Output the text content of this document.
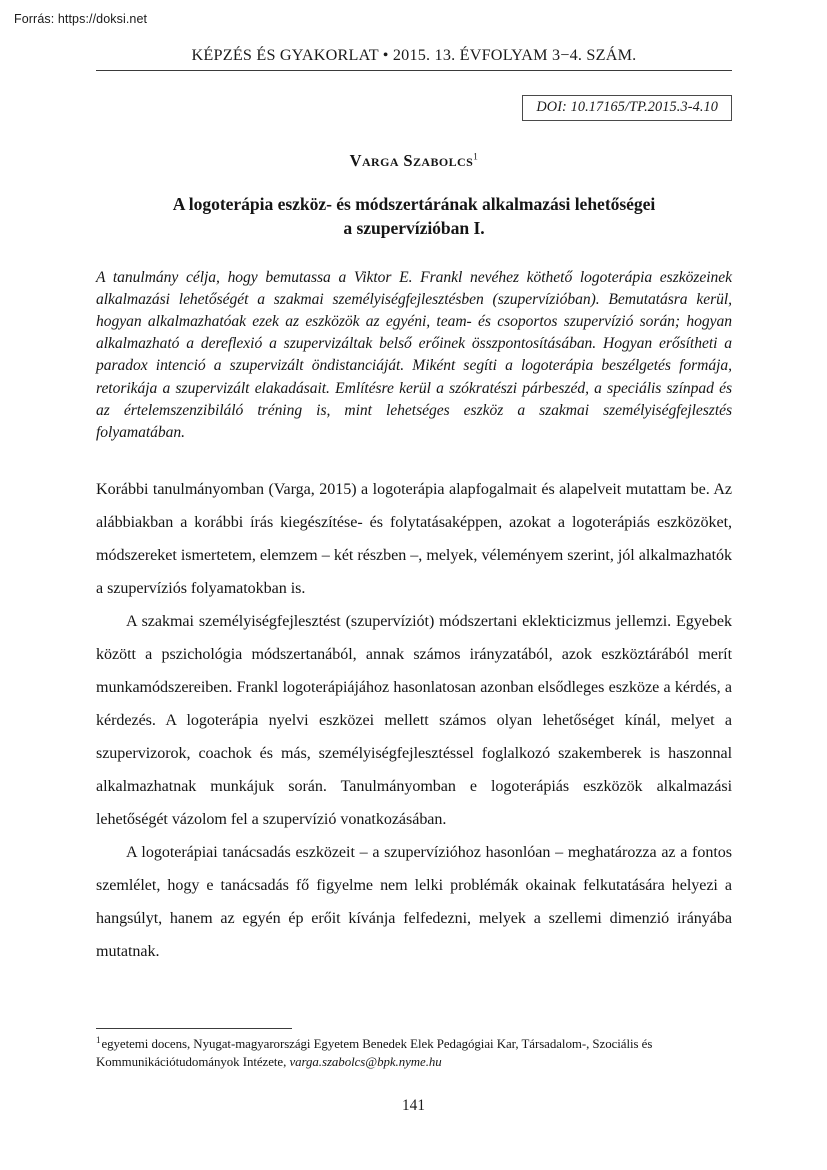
Forrás: https://doksi.net
KÉPZÉS ÉS GYAKORLAT • 2015. 13. ÉVFOLYAM 3−4. SZÁM.
DOI: 10.17165/TP.2015.3-4.10
Varga Szabolcs$^1$
A logoterápia eszköz- és módszertárának alkalmazási lehetőségei
a szupervízióban I.
A tanulmány célja, hogy bemutassa a Viktor E. Frankl nevéhez köthető logoterápia eszközeinek alkalmazási lehetőségét a szakmai személyiségfejlesztésben (szupervízióban). Bemutatásra kerül, hogyan alkalmazhatóak ezek az eszközök az egyéni, team- és csoportos szupervízió során; hogyan alkalmazható a dereflexió a szupervizáltak belső erőinek összpontosításában. Hogyan erősítheti a paradox intenció a szupervizált öndistanciáját. Miként segíti a logoterápia beszélgetés formája, retorikája a szupervizált elakadásait. Említésre kerül a szókratészi párbeszéd, a speciális színpad és az értelemszenzibiláló tréning is, mint lehetséges eszköz a szakmai személyiségfejlesztés folyamatában.

Korábbi tanulmányomban (Varga, 2015) a logoterápia alapfogalmait és alapelveit mutattam be. Az alábbiakban a korábbi írás kiegészítése- és folytatásaképpen, azokat a logoterápiás eszközöket, módszereket ismertetem, elemzem – két részben –, melyek, véleményem szerint, jól alkalmazhatók a szupervíziós folyamatokban is.

A szakmai személyiségfejlesztést (szupervíziót) módszertani eklekticizmus jellemzi. Egyebek között a pszichológia módszertanából, annak számos irányzatából, azok eszköztárából merít munkamódszereiben. Frankl logoterápiájához hasonlatosan azonban elsődleges eszköze a kérdés, a kérdezés. A logoterápia nyelvi eszközei mellett számos olyan lehetőséget kínál, melyet a szupervizorok, coachok és más, személyiségfejlesztéssel foglalkozó szakemberek is haszonnal alkalmazhatnak munkájuk során. Tanulmányomban e logoterápiás eszközök alkalmazási lehetőségét vázolom fel a szupervízió vonatkozásában.

A logoterápiai tanácsadás eszközeit – a szupervízióhoz hasonlóan – meghatározza az a fontos szemlélet, hogy e tanácsadás fő figyelme nem lelki problémák okainak felkutatására helyezi a hangsúlyt, hanem az egyén ép erőit kívánja felfedezni, melyek a szellemi dimenzió irányába mutatnak.

$^1$egyetemi docens, Nyugat-magyarországi Egyetem Benedek Elek Pedagógiai Kar, Társadalom-, Szociális és Kommunikációtudományok Intézete, varga.szabolcs@bpk.nyme.hu
141
